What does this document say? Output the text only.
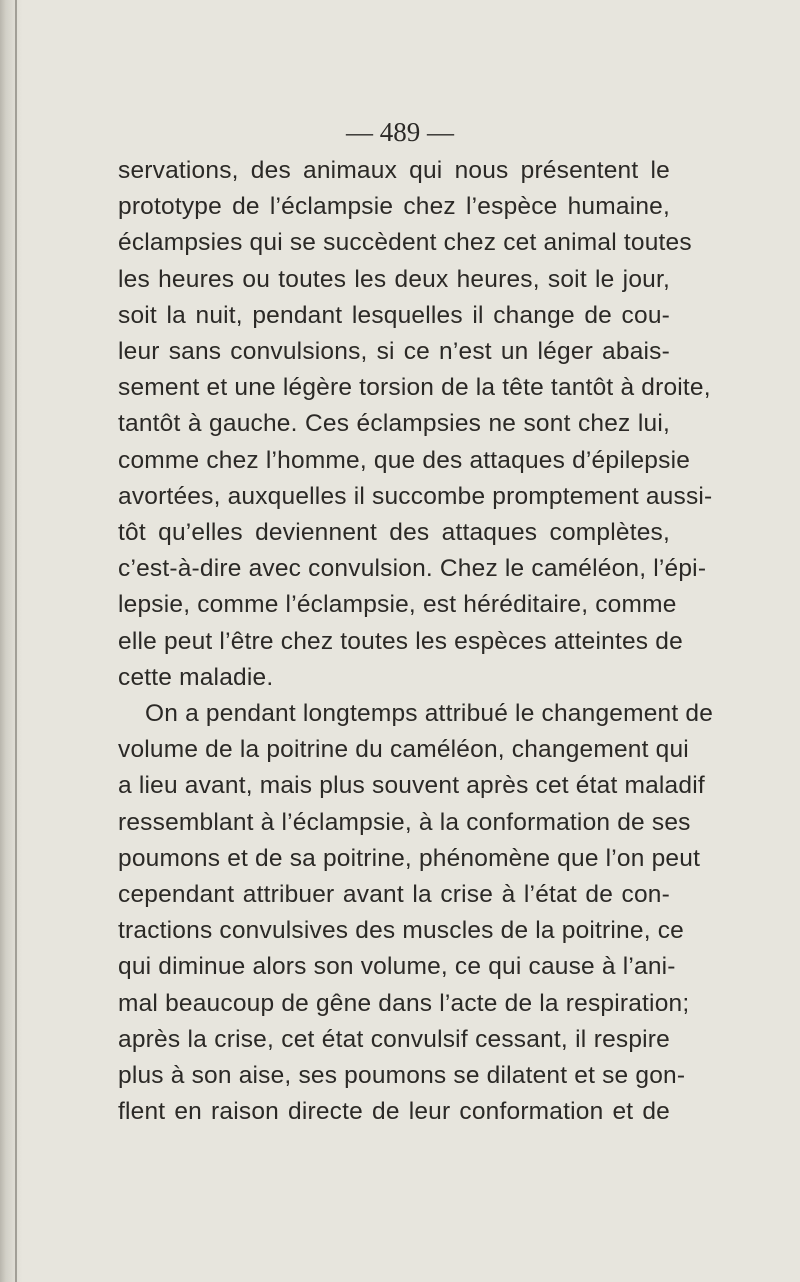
— 489 —
servations, des animaux qui nous présentent le
prototype de l’éclampsie chez l’espèce humaine,
éclampsies qui se succèdent chez cet animal toutes
les heures ou toutes les deux heures, soit le jour,
soit la nuit, pendant lesquelles il change de cou-
leur sans convulsions, si ce n’est un léger abais-
sement et une légère torsion de la tête tantôt à droite,
tantôt à gauche. Ces éclampsies ne sont chez lui,
comme chez l’homme, que des attaques d’épilepsie
avortées, auxquelles il succombe promptement aussi-
tôt qu’elles deviennent des attaques complètes,
c’est-à-dire avec convulsion. Chez le caméléon, l’épi-
lepsie, comme l’éclampsie, est héréditaire, comme
elle peut l’être chez toutes les espèces atteintes de
cette maladie.
On a pendant longtemps attribué le changement de
volume de la poitrine du caméléon, changement qui
a lieu avant, mais plus souvent après cet état maladif
ressemblant à l’éclampsie, à la conformation de ses
poumons et de sa poitrine, phénomène que l’on peut
cependant attribuer avant la crise à l’état de con-
tractions convulsives des muscles de la poitrine, ce
qui diminue alors son volume, ce qui cause à l’ani-
mal beaucoup de gêne dans l’acte de la respiration;
après la crise, cet état convulsif cessant, il respire
plus à son aise, ses poumons se dilatent et se gon-
flent en raison directe de leur conformation et de
